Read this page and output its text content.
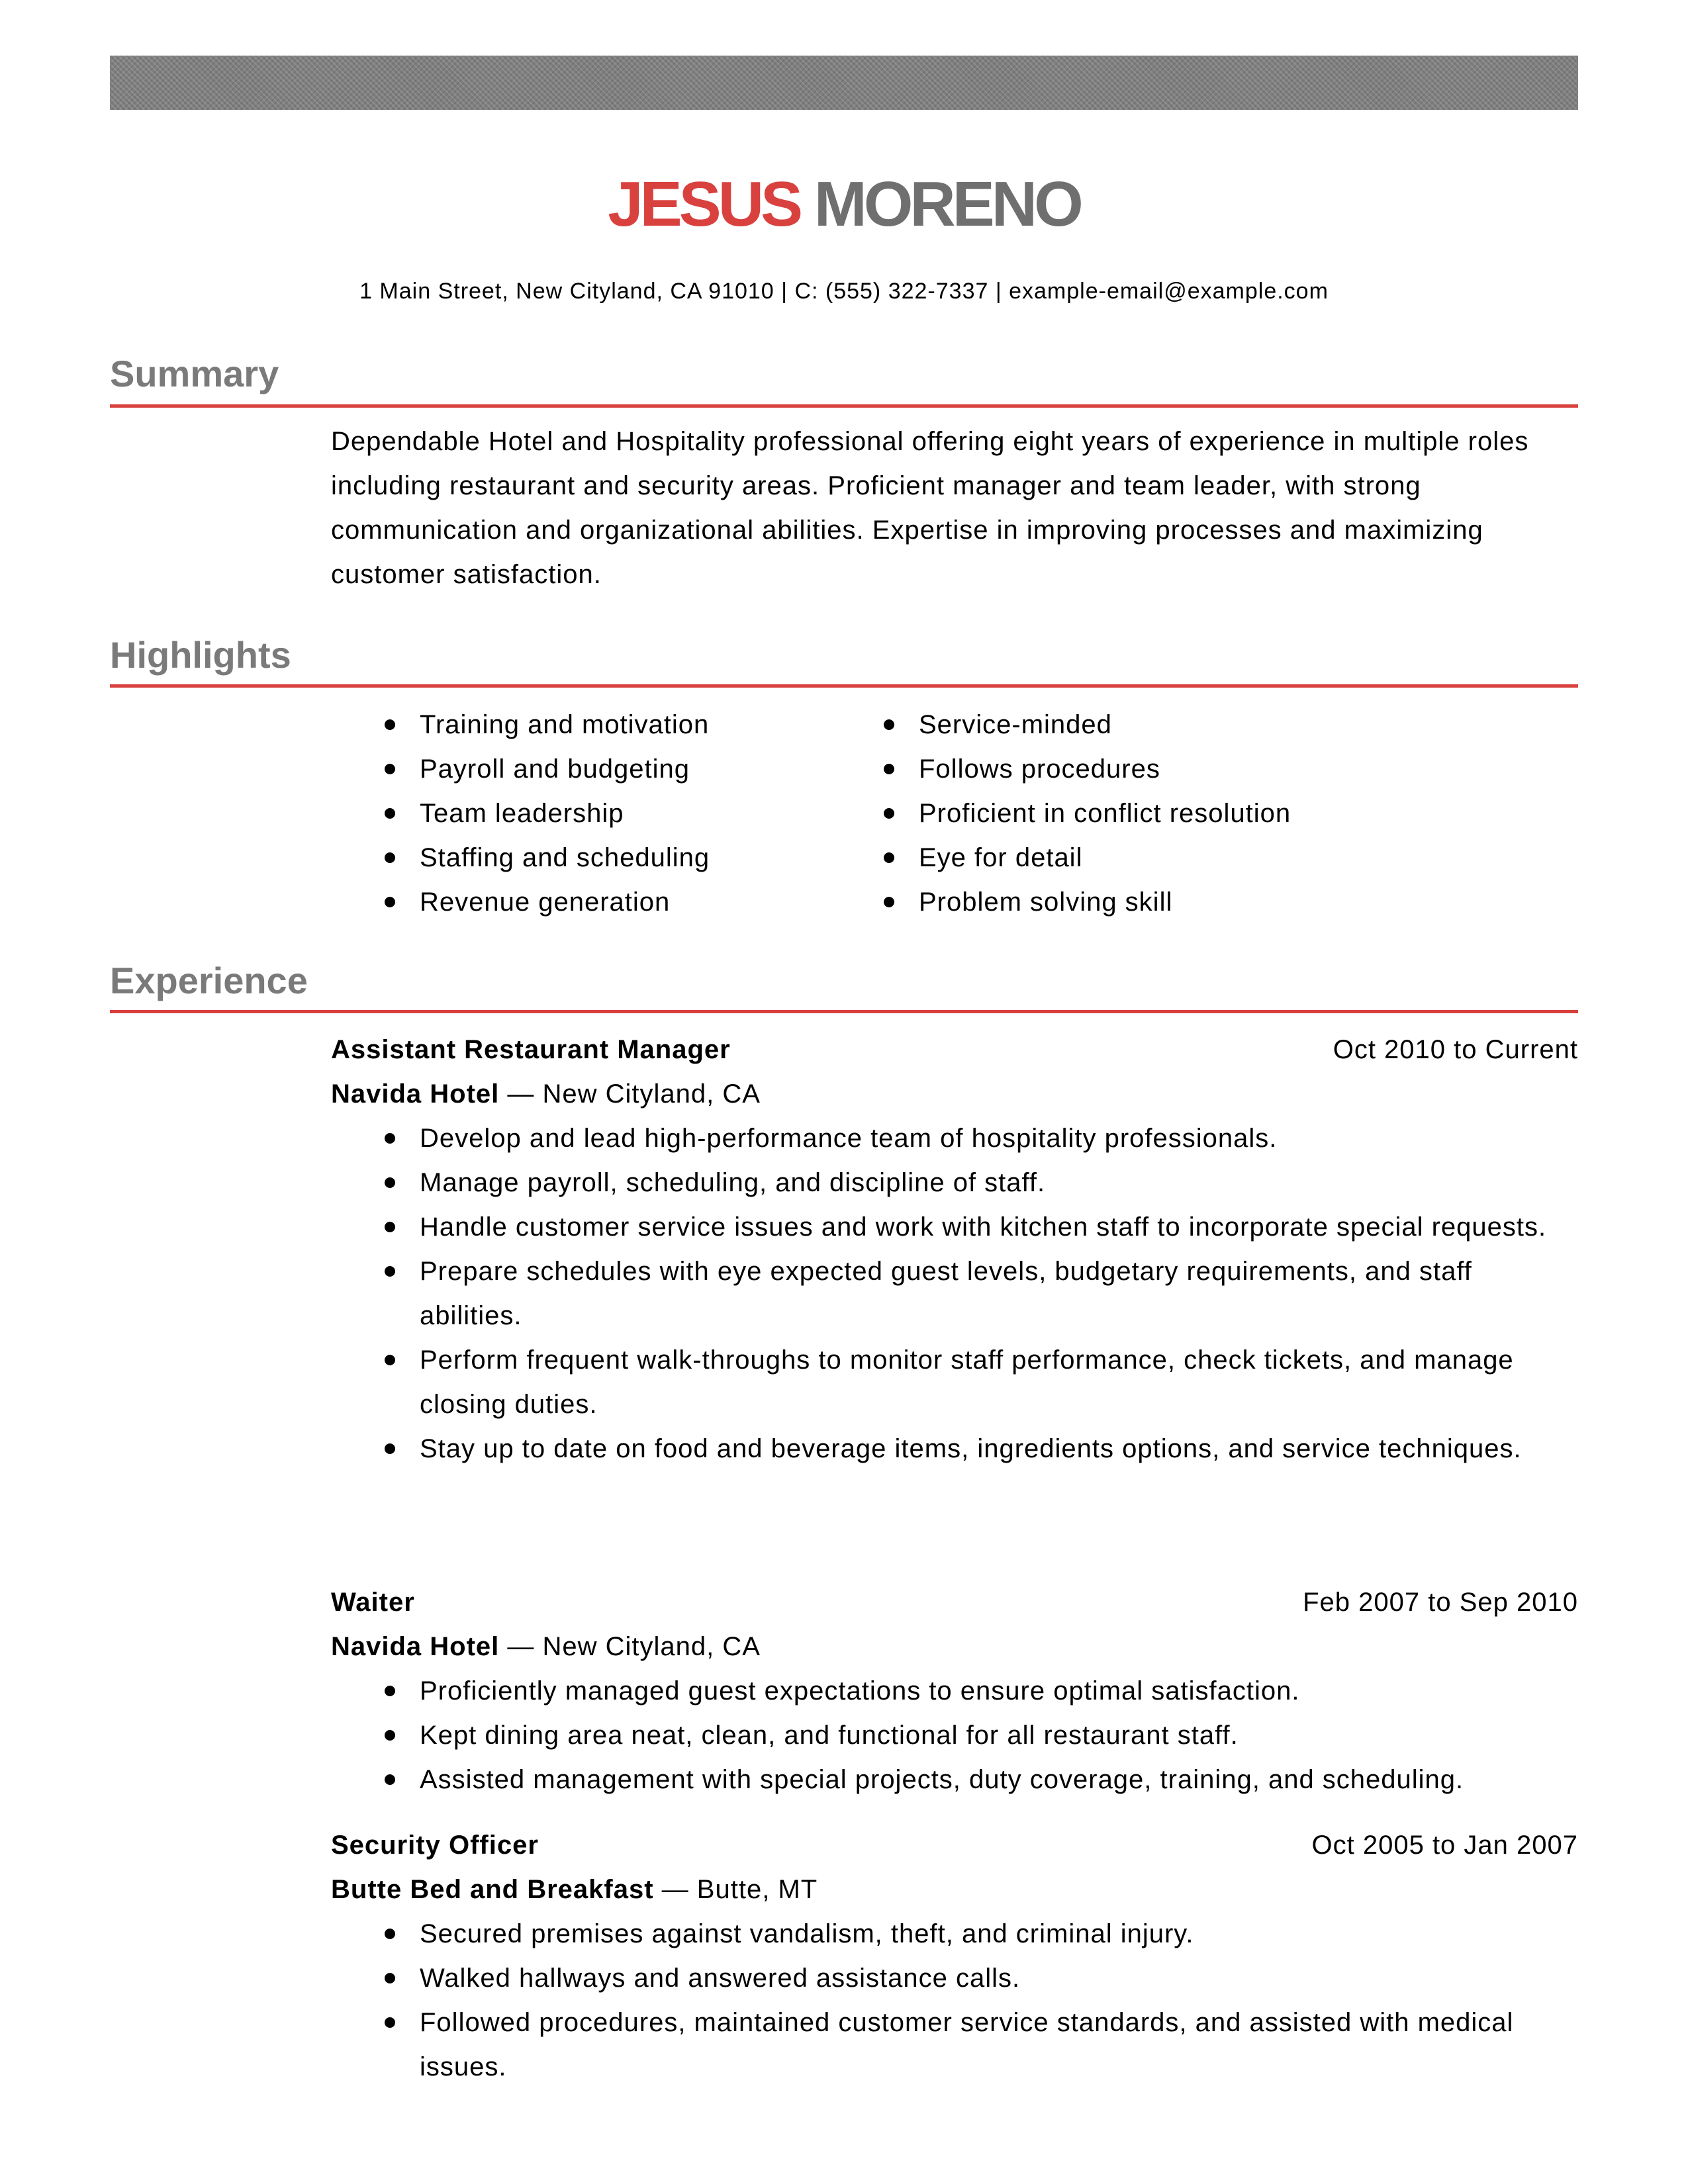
JESUS MORENO
1 Main Street, New Cityland, CA 91010 | C: (555) 322-7337 | example-email@example.com
Summary
Dependable Hotel and Hospitality professional offering eight years of experience in multiple roles including restaurant and security areas. Proficient manager and team leader, with strong communication and organizational abilities. Expertise in improving processes and maximizing customer satisfaction.
Highlights
Training and motivation
Payroll and budgeting
Team leadership
Staffing and scheduling
Revenue generation
Service-minded
Follows procedures
Proficient in conflict resolution
Eye for detail
Problem solving skill
Experience
Assistant Restaurant Manager	Oct 2010 to Current
Navida Hotel — New Cityland, CA
Develop and lead high-performance team of hospitality professionals.
Manage payroll, scheduling, and discipline of staff.
Handle customer service issues and work with kitchen staff to incorporate special requests.
Prepare schedules with eye expected guest levels, budgetary requirements, and staff abilities.
Perform frequent walk-throughs to monitor staff performance, check tickets, and manage closing duties.
Stay up to date on food and beverage items, ingredients options, and service techniques.
Waiter	Feb 2007 to Sep 2010
Navida Hotel — New Cityland, CA
Proficiently managed guest expectations to ensure optimal satisfaction.
Kept dining area neat, clean, and functional for all restaurant staff.
Assisted management with special projects, duty coverage, training, and scheduling.
Security Officer	Oct 2005 to Jan 2007
Butte Bed and Breakfast — Butte, MT
Secured premises against vandalism, theft, and criminal injury.
Walked hallways and answered assistance calls.
Followed procedures, maintained customer service standards, and assisted with medical issues.
